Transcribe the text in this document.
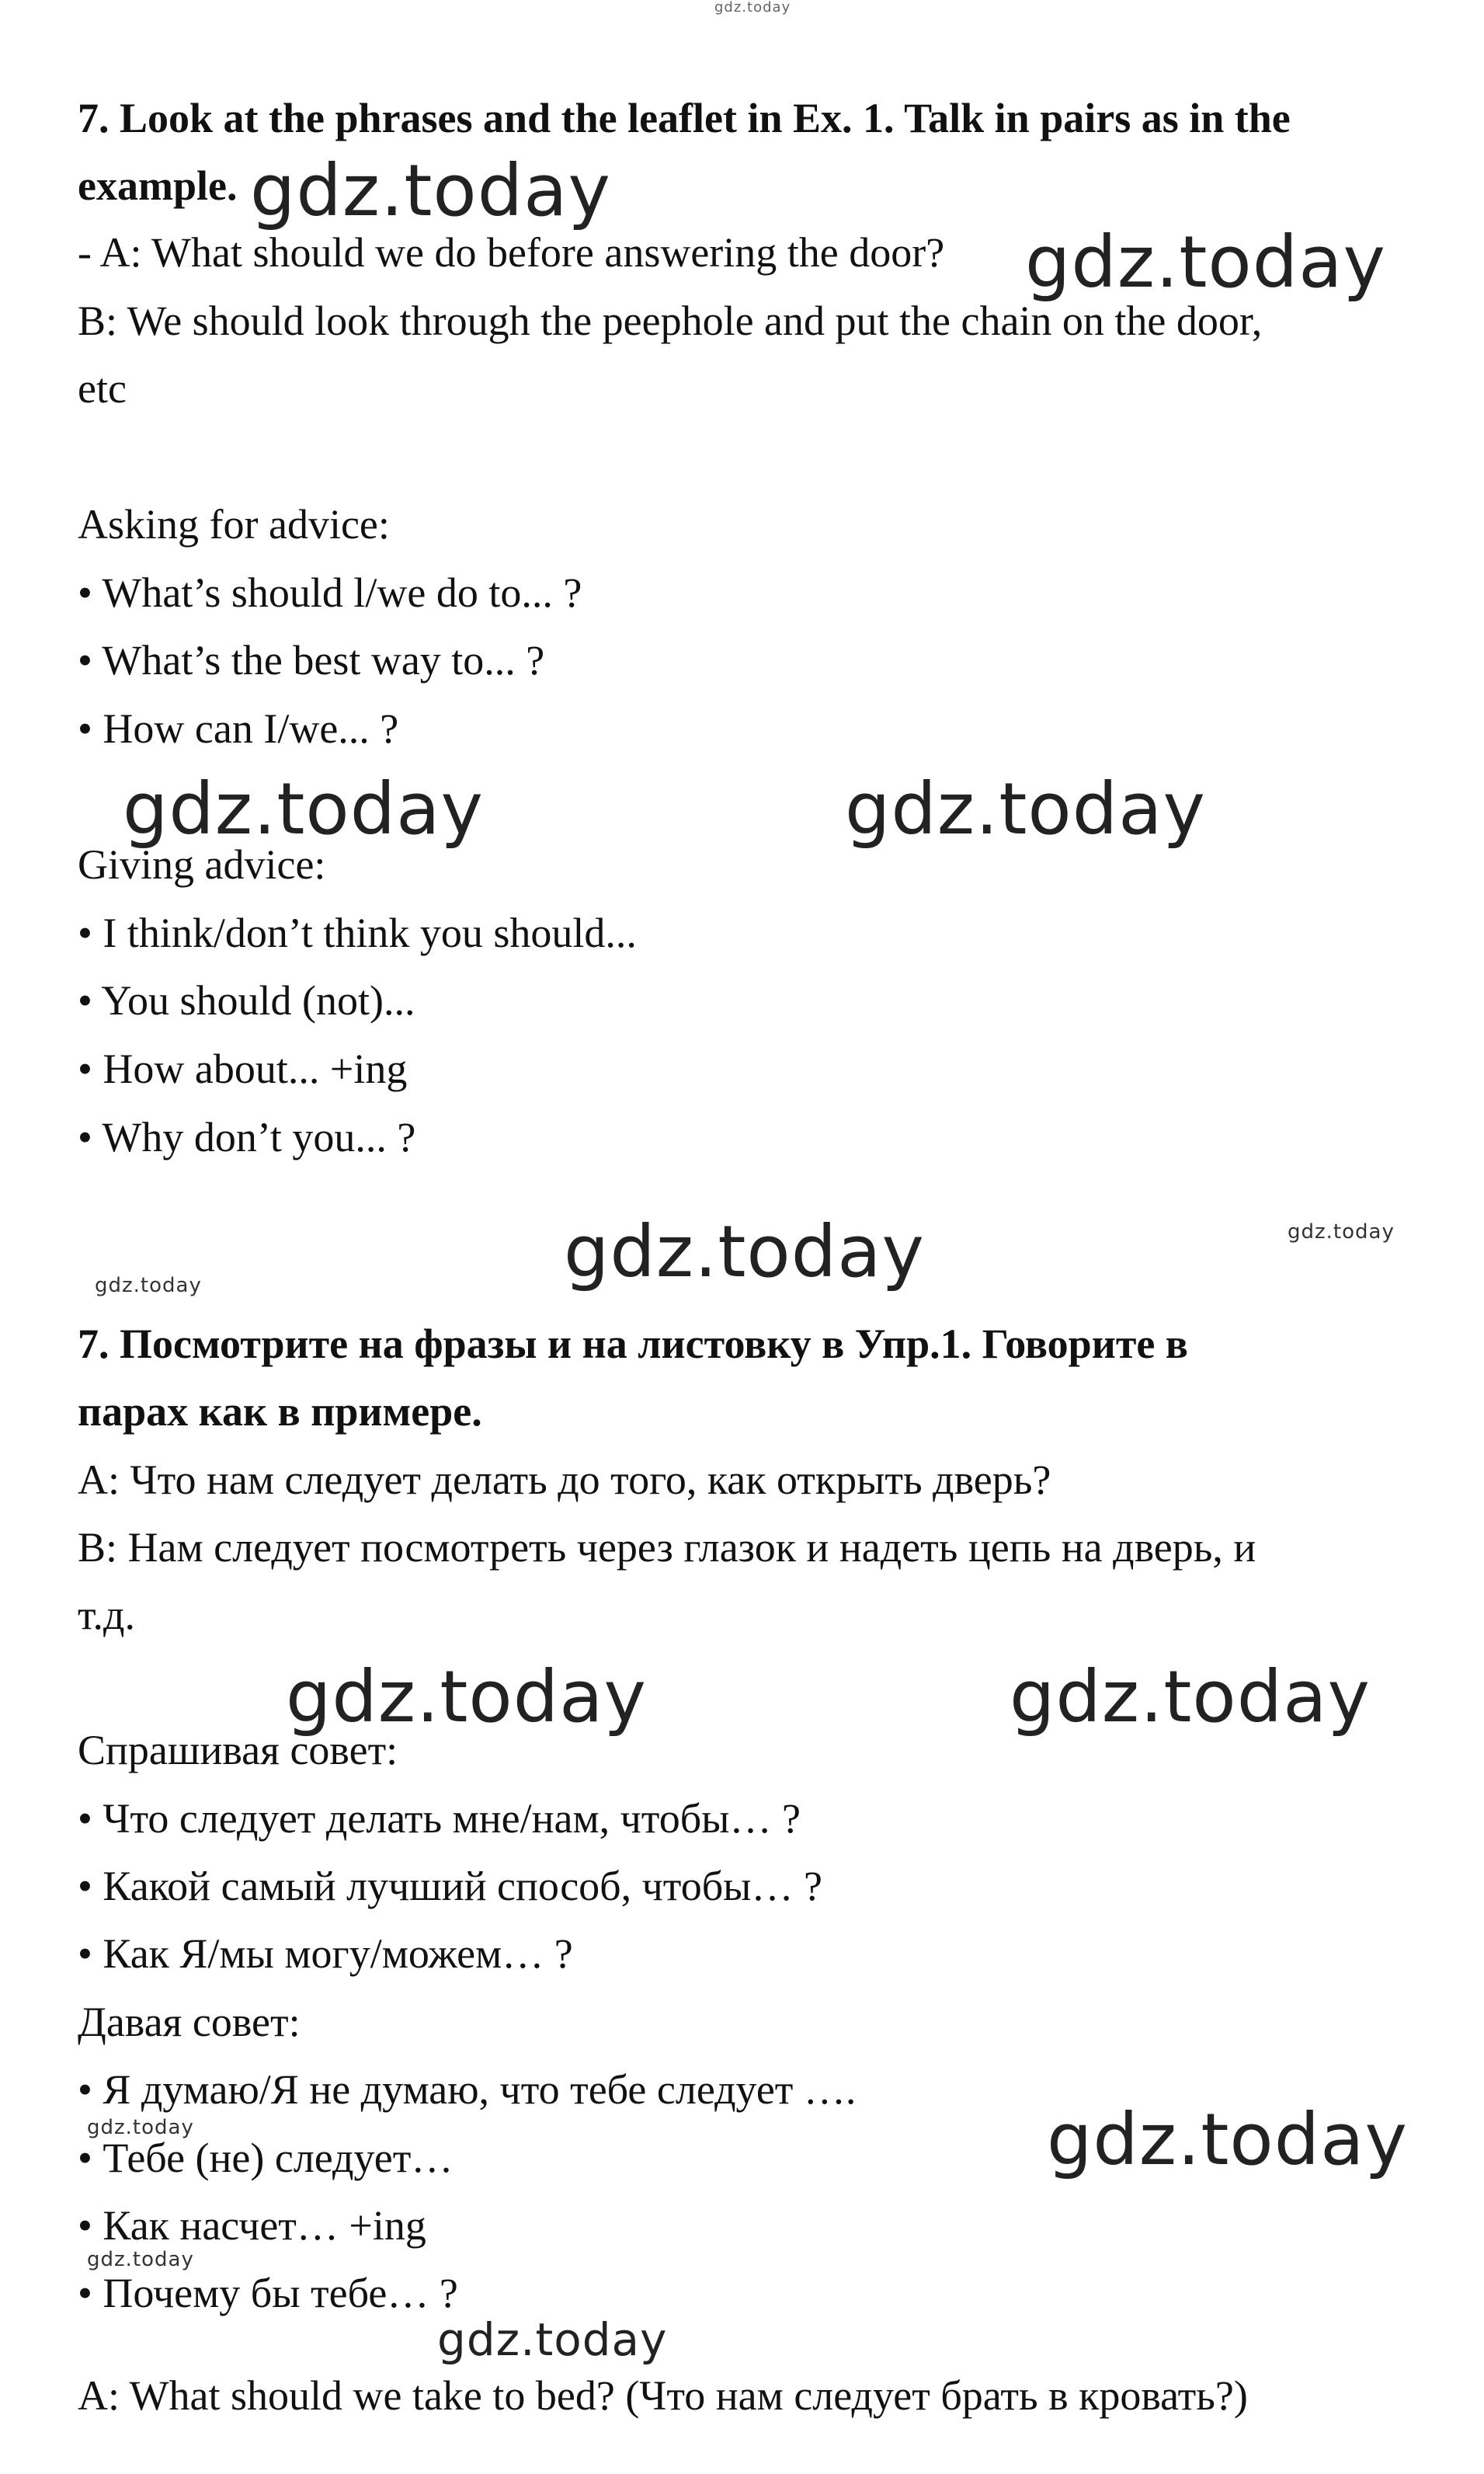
gdz.today

7. Look at the phrases and the leaflet in Ex. 1. Talk in pairs as in the

example. gdz.today

- A: What should we do before answering the door? gdz.today

B: We should look through the peephole and put the chain on the door,

etc

Asking for advice:

• What’s should l/we do to... ?

• What’s the best way to... ?

• How can I/we... ?

gdz.today	gdz.today

Giving advice:

• I think/don’t think you should...

• You should (not)...

• How about... +ing

• Why don’t you... ?

gdz.today
gdz.today
gdz.today

7. Посмотрите на фразы и на листовку в Упр.1. Говорите в

парах как в примере.

А: Что нам следует делать до того, как открыть дверь?

В: Нам следует посмотреть через глазок и надеть цепь на дверь, и

т.д.

gdz.today	gdz.today

Спрашивая совет:

• Что следует делать мне/нам, чтобы… ?

• Какой самый лучший способ, чтобы… ?

• Как Я/мы могу/можем… ?

Давая совет:

• Я думаю/Я не думаю, что тебе следует ….

gdz.today	gdz.today

• Тебе (не) следует…

gdz.today

• Как насчет… +ing

• Почему бы тебе… ?

gdz.today

A: What should we take to bed? (Что нам следует брать в кровать?)
